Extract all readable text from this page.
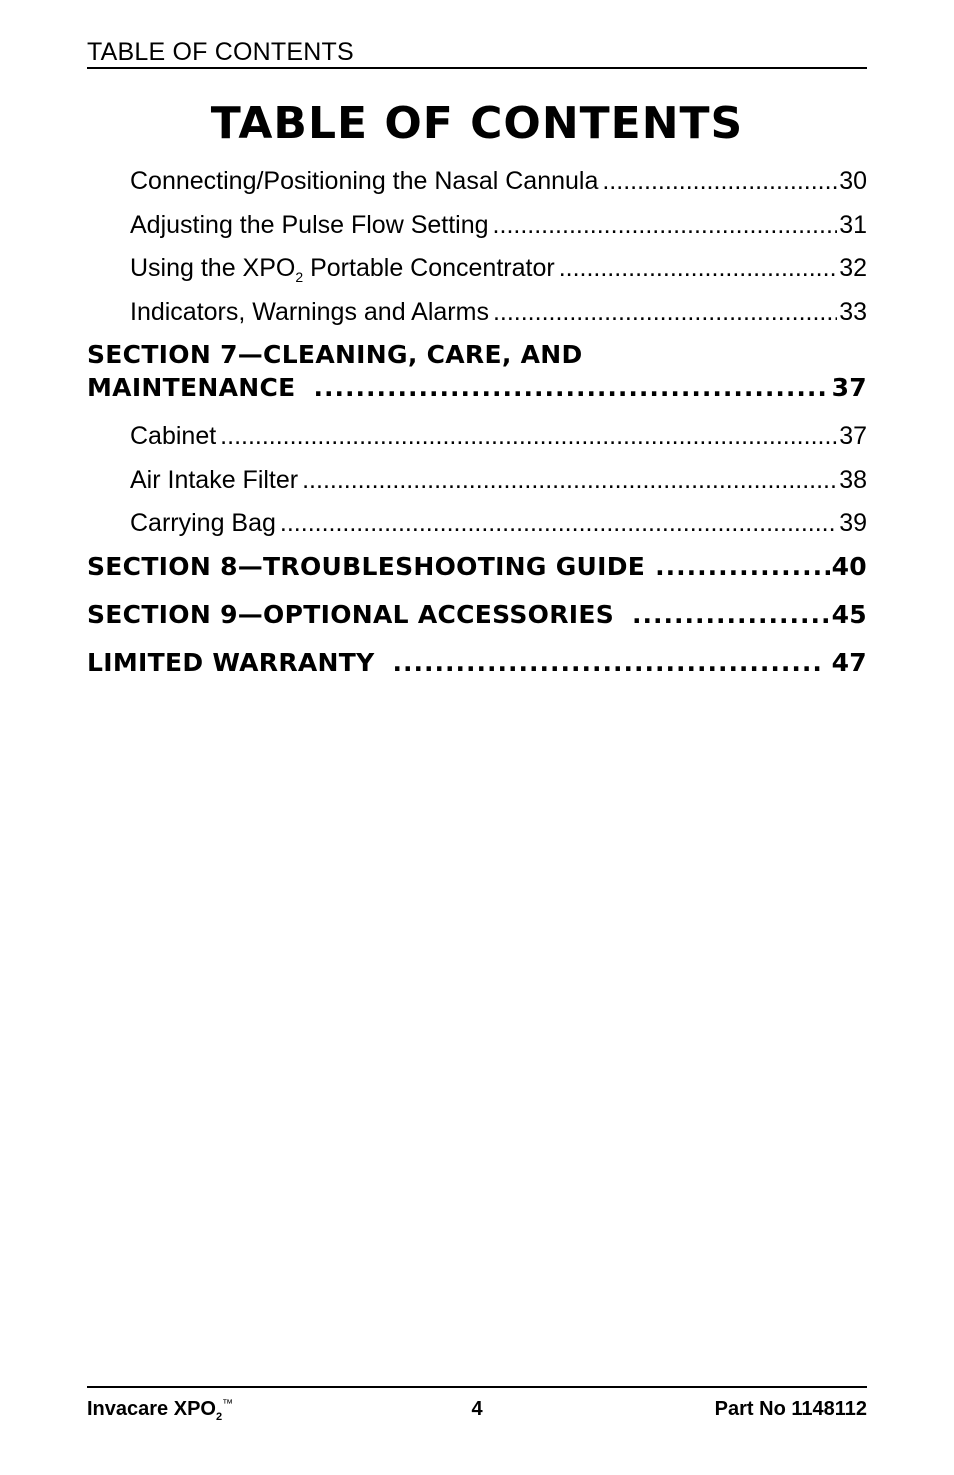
TABLE OF CONTENTS
TABLE OF CONTENTS
Connecting/Positioning the Nasal Cannula .....	30
Adjusting the Pulse Flow Setting .....	31
Using the $XPO_2$ Portable Concentrator .....	32
Indicators, Warnings and Alarms .....	33
SECTION 7—CLEANING, CARE, AND
MAINTENANCE .....	37
Cabinet .....	37
Air Intake Filter .....	38
Carrying Bag .....	39
SECTION 8—TROUBLESHOOTING GUIDE .....	40
SECTION 9—OPTIONAL ACCESSORIES .....	45
LIMITED WARRANTY .....	47
Invacare $XPO_2™$	4	Part No 1148112
